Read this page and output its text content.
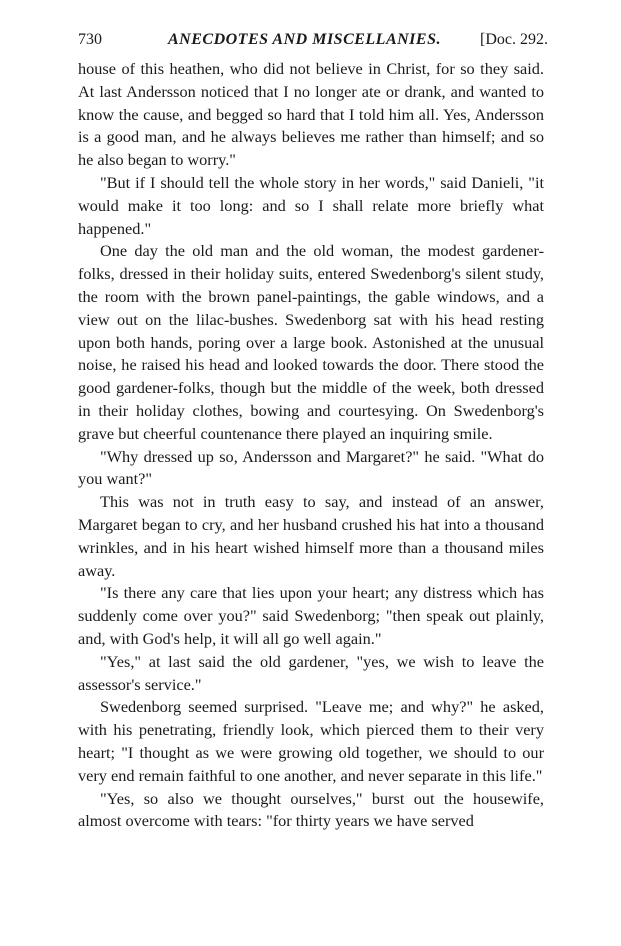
730	ANECDOTES AND MISCELLANIES. [Doc. 292.

house of this heathen, who did not believe in Christ, for so they said. At last Andersson noticed that I no longer ate or drank, and wanted to know the cause, and begged so hard that I told him all. Yes, Andersson is a good man, and he always believes me rather than himself; and so he also began to worry."

"But if I should tell the whole story in her words," said Danieli, "it would make it too long: and so I shall relate more briefly what happened."

One day the old man and the old woman, the modest gardener-folks, dressed in their holiday suits, entered Swedenborg's silent study, the room with the brown panel-paintings, the gable windows, and a view out on the lilac-bushes. Swedenborg sat with his head resting upon both hands, poring over a large book. Astonished at the unusual noise, he raised his head and looked towards the door. There stood the good gardener-folks, though but the middle of the week, both dressed in their holiday clothes, bowing and courtesying. On Swedenborg's grave but cheerful countenance there played an inquiring smile.

"Why dressed up so, Andersson and Margaret?" he said. "What do you want?"

This was not in truth easy to say, and instead of an answer, Margaret began to cry, and her husband crushed his hat into a thousand wrinkles, and in his heart wished himself more than a thousand miles away.

"Is there any care that lies upon your heart; any distress which has suddenly come over you?" said Swedenborg; "then speak out plainly, and, with God's help, it will all go well again."

"Yes," at last said the old gardener, "yes, we wish to leave the assessor's service."

Swedenborg seemed surprised. "Leave me; and why?" he asked, with his penetrating, friendly look, which pierced them to their very heart; "I thought as we were growing old together, we should to our very end remain faithful to one another, and never separate in this life."

"Yes, so also we thought ourselves," burst out the housewife, almost overcome with tears: "for thirty years we have served
